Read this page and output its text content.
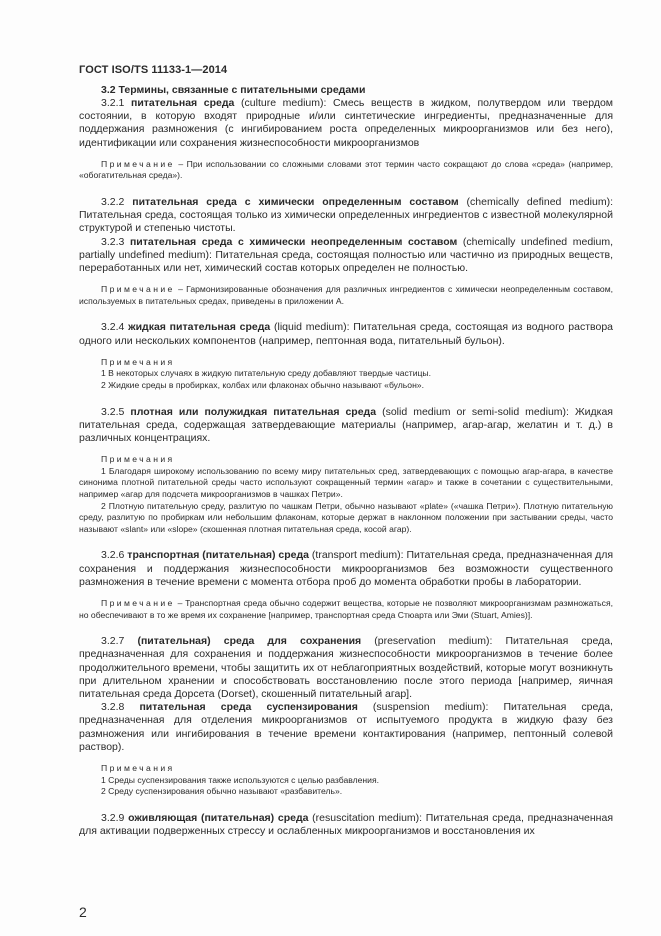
ГОСТ ISO/TS 11133-1—2014
3.2 Термины, связанные с питательными средами

3.2.1 питательная среда (culture medium): Смесь веществ в жидком, полутвердом или твердом состоянии, в которую входят природные и/или синтетические ингредиенты, предназначенные для поддержания размножения (с ингибированием роста определенных микроорганизмов или без него), идентификации или сохранения жизнеспособности микроорганизмов

Примечание – При использовании со сложными словами этот термин часто сокращают до слова «среда» (например, «обогатительная среда»).

3.2.2 питательная среда с химически определенным составом (chemically defined medium): Питательная среда, состоящая только из химически определенных ингредиентов с известной молекулярной структурой и степенью чистоты.

3.2.3 питательная среда с химически неопределенным составом (chemically undefined medium, partially undefined medium): Питательная среда, состоящая полностью или частично из природных веществ, переработанных или нет, химический состав которых определен не полностью.

Примечание – Гармонизированные обозначения для различных ингредиентов с химически неопределенным составом, используемых в питательных средах, приведены в приложении А.

3.2.4 жидкая питательная среда (liquid medium): Питательная среда, состоящая из водного раствора одного или нескольких компонентов (например, пептонная вода, питательный бульон).

Примечания
1 В некоторых случаях в жидкую питательную среду добавляют твердые частицы.
2 Жидкие среды в пробирках, колбах или флаконах обычно называют «бульон».

3.2.5 плотная или полужидкая питательная среда (solid medium or semi-solid medium): Жидкая питательная среда, содержащая затвердевающие материалы (например, агар-агар, желатин и т. д.) в различных концентрациях.

Примечания

1 Благодаря широкому использованию по всему миру питательных сред, затвердевающих с помощью агар-агара, в качестве синонима плотной питательной среды часто используют сокращенный термин «агар» и также в сочетании с существительными, например «агар для подсчета микроорганизмов в чашках Петри».

2 Плотную питательную среду, разлитую по чашкам Петри, обычно называют «plate» («чашка Петри»). Плотную питательную среду, разлитую по пробиркам или небольшим флаконам, которые держат в наклонном положении при застывании среды, часто называют «slant» или «slope» (скошенная плотная питательная среда, косой агар).

3.2.6 транспортная (питательная) среда (transport medium): Питательная среда, предназначенная для сохранения и поддержания жизнеспособности микроорганизмов без возможности существенного размножения в течение времени с момента отбора проб до момента обработки пробы в лаборатории.

Примечание – Транспортная среда обычно содержит вещества, которые не позволяют микроорганизмам размножаться, но обеспечивают в то же время их сохранение [например, транспортная среда Стюарта или Эми (Stuart, Amies)].

3.2.7 (питательная) среда для сохранения (preservation medium): Питательная среда, предназначенная для сохранения и поддержания жизнеспособности микроорганизмов в течение более продолжительного времени, чтобы защитить их от неблагоприятных воздействий, которые могут возникнуть при длительном хранении и способствовать восстановлению после этого периода [например, яичная питательная среда Дорсета (Dorset), скошенный питательный агар].

3.2.8 питательная среда суспензирования (suspension medium): Питательная среда, предназначенная для отделения микроорганизмов от испытуемого продукта в жидкую фазу без размножения или ингибирования в течение времени контактирования (например, пептонный солевой раствор).

Примечания
1 Среды суспензирования также используются с целью разбавления.
2 Среду суспензирования обычно называют «разбавитель».

3.2.9 оживляющая (питательная) среда (resuscitation medium): Питательная среда, предназначенная для активации подверженных стрессу и ослабленных микроорганизмов и восстановления их

2
